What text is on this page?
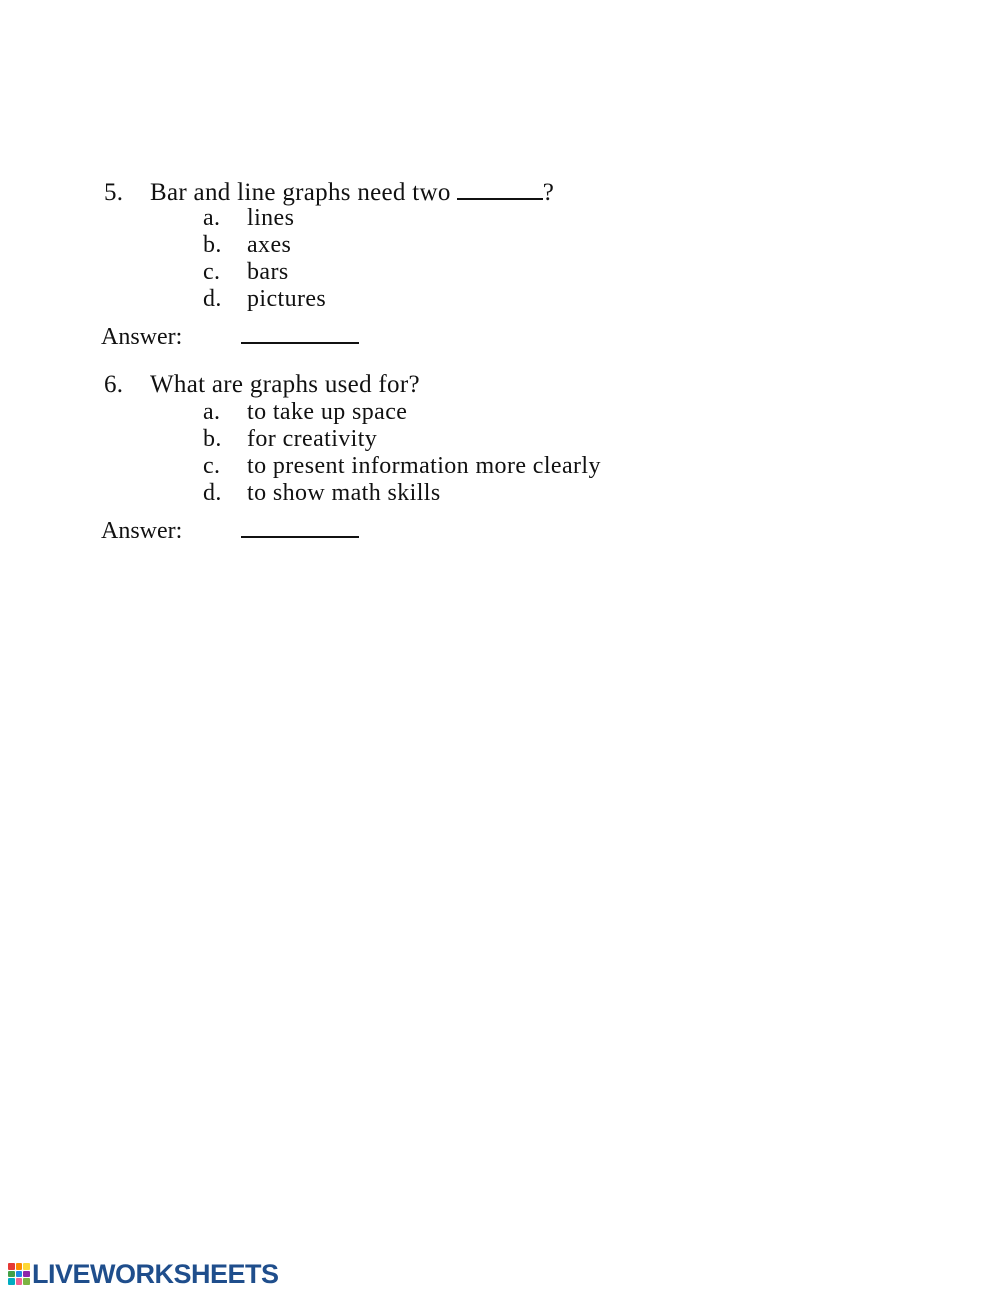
5. Bar and line graphs need two	?
a. lines
b. axes
c. bars
d. pictures
Answer:
6. What are graphs used for?
a. to take up space
b. for creativity
c. to present information more clearly
d. to show math skills
Answer:
LIVEWORKSHEETS
